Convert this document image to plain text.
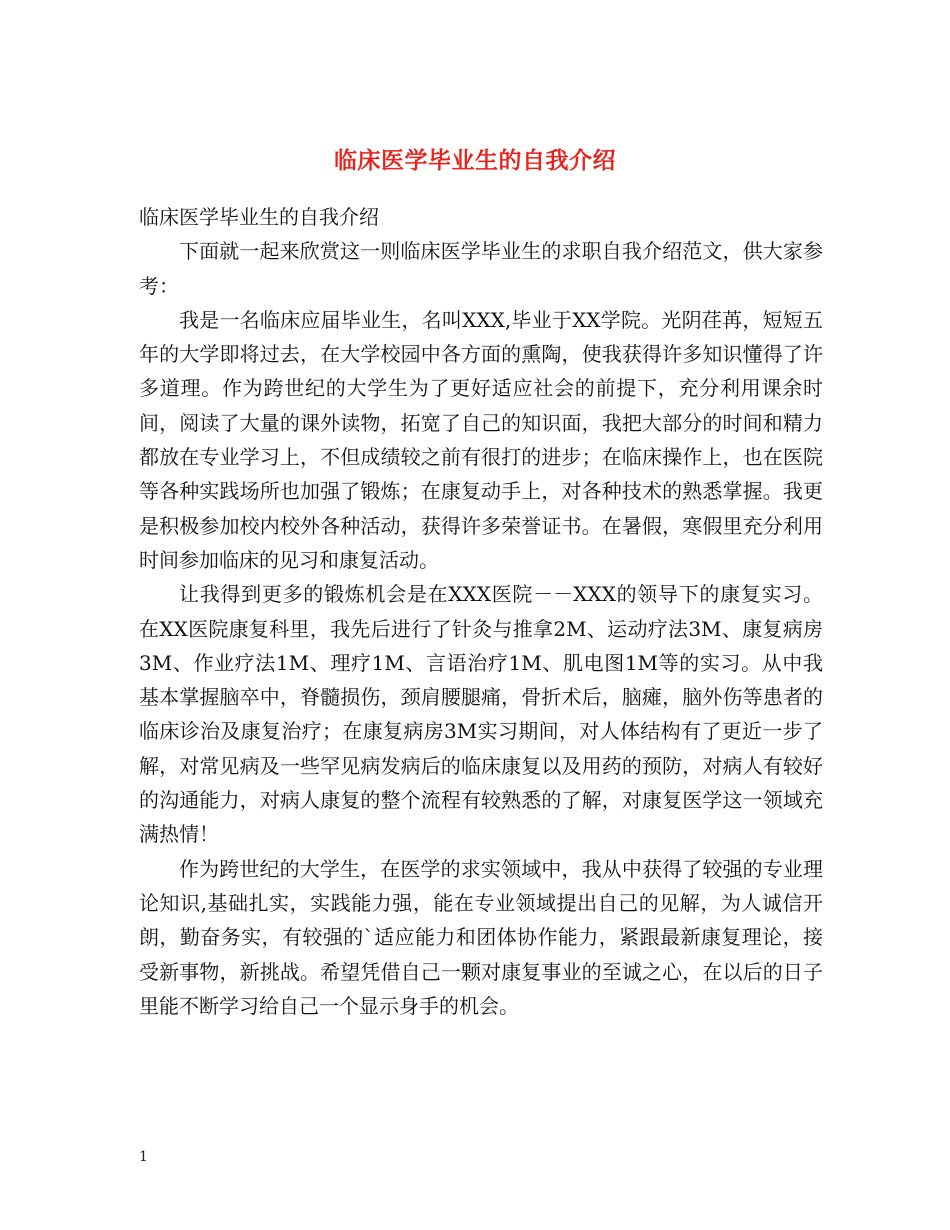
临床医学毕业生的自我介绍

临床医学毕业生的自我介绍

下面就一起来欣赏这一则临床医学毕业生的求职自我介绍范文，供大家参考：

我是一名临床应届毕业生，名叫XXX,毕业于XX学院。光阴荏苒，短短五年的大学即将过去，在大学校园中各方面的熏陶，使我获得许多知识懂得了许多道理。作为跨世纪的大学生为了更好适应社会的前提下，充分利用课余时间，阅读了大量的课外读物，拓宽了自己的知识面，我把大部分的时间和精力都放在专业学习上，不但成绩较之前有很打的进步；在临床操作上，也在医院等各种实践场所也加强了锻炼；在康复动手上，对各种技术的熟悉掌握。我更是积极参加校内校外各种活动，获得许多荣誉证书。在暑假，寒假里充分利用时间参加临床的见习和康复活动。

让我得到更多的锻炼机会是在XXX医院－－XXX的领导下的康复实习。在XX医院康复科里，我先后进行了针灸与推拿2M、运动疗法3M、康复病房3M、作业疗法1M、理疗1M、言语治疗1M、肌电图1M等的实习。从中我基本掌握脑卒中，脊髓损伤，颈肩腰腿痛，骨折术后，脑瘫，脑外伤等患者的临床诊治及康复治疗；在康复病房3M实习期间，对人体结构有了更近一步了解，对常见病及一些罕见病发病后的临床康复以及用药的预防，对病人有较好的沟通能力，对病人康复的整个流程有较熟悉的了解，对康复医学这一领域充满热情！

作为跨世纪的大学生，在医学的求实领域中，我从中获得了较强的专业理论知识,基础扎实，实践能力强，能在专业领域提出自己的见解，为人诚信开朗，勤奋务实，有较强的`适应能力和团体协作能力，紧跟最新康复理论，接受新事物，新挑战。希望凭借自己一颗对康复事业的至诚之心，在以后的日子里能不断学习给自己一个显示身手的机会。

1
